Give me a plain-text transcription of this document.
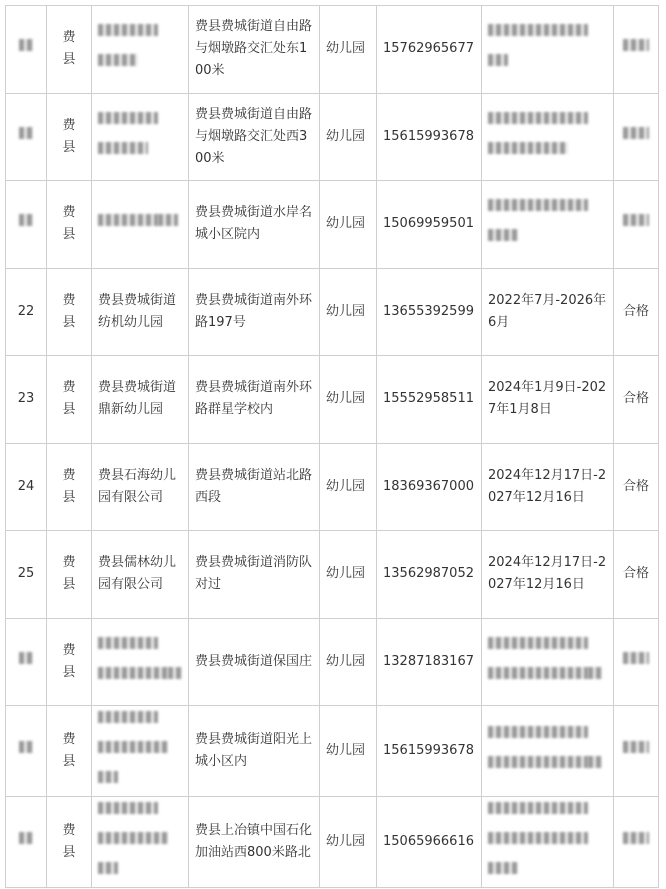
	费县		费县费城街道自由路与烟墩路交汇处东100米	幼儿园	15762965677		
	费县		费县费城街道自由路与烟墩路交汇处西300米	幼儿园	15615993678		
	费县		费县费城街道水岸名城小区院内	幼儿园	15069959501		
22	费县	费县费城街道纺机幼儿园	费县费城街道南外环路197号	幼儿园	13655392599	2022年7月-2026年6月	合格
23	费县	费县费城街道鼎新幼儿园	费县费城街道南外环路群星学校内	幼儿园	15552958511	2024年1月9日-2027年1月8日	合格
24	费县	费县石海幼儿园有限公司	费县费城街道站北路西段	幼儿园	18369367000	2024年12月17日-2027年12月16日	合格
25	费县	费县儒林幼儿园有限公司	费县费城街道消防队对过	幼儿园	13562987052	2024年12月17日-2027年12月16日	合格
	费县		费县费城街道保国庄	幼儿园	13287183167		
	费县		费县费城街道阳光上城小区内	幼儿园	15615993678		
	费县		费县上冶镇中国石化加油站西800米路北	幼儿园	15065966616		
